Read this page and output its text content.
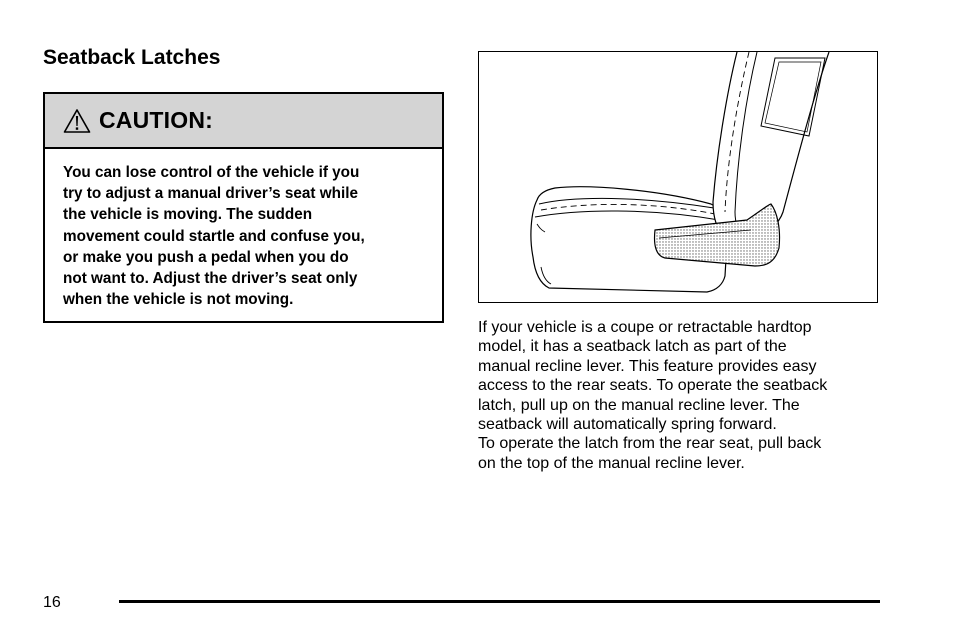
Seatback Latches
CAUTION:
You can lose control of the vehicle if you
try to adjust a manual driver’s seat while
the vehicle is moving. The sudden
movement could startle and confuse you,
or make you push a pedal when you do
not want to. Adjust the driver’s seat only
when the vehicle is not moving.
If your vehicle is a coupe or retractable hardtop
model, it has a seatback latch as part of the
manual recline lever. This feature provides easy
access to the rear seats. To operate the seatback
latch, pull up on the manual recline lever. The
seatback will automatically spring forward.
To operate the latch from the rear seat, pull back
on the top of the manual recline lever.
16
